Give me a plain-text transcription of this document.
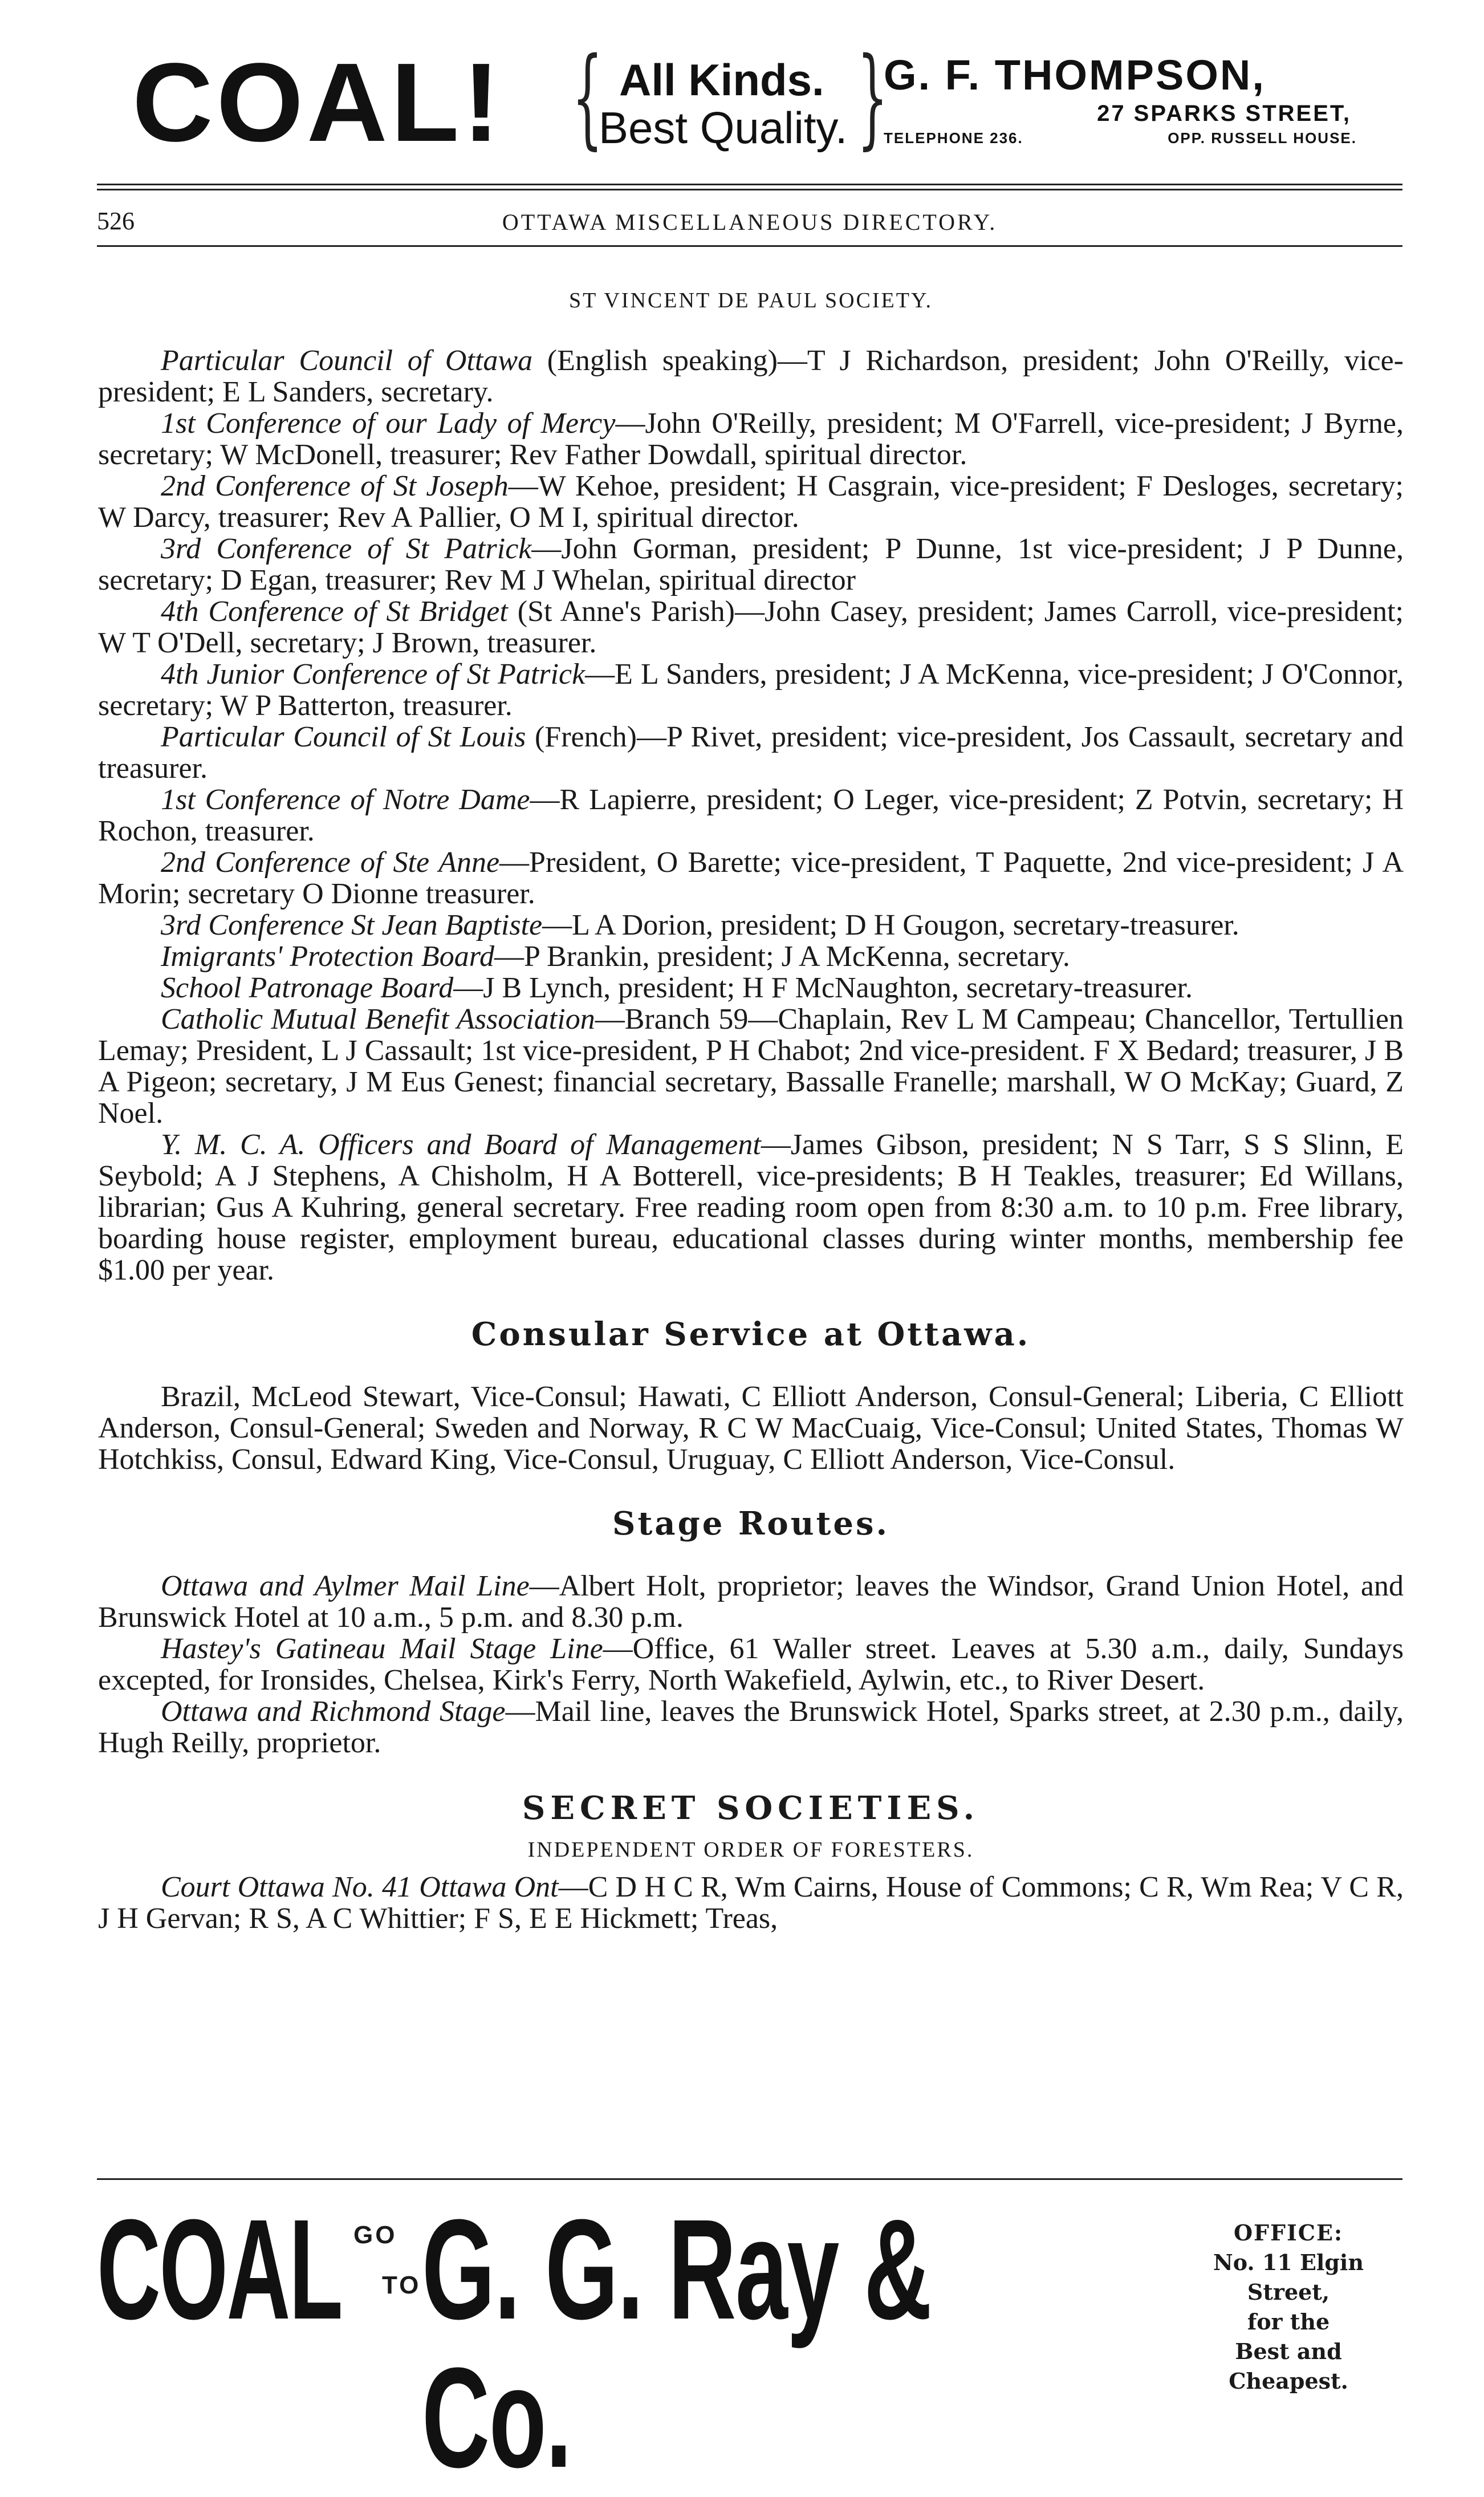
COAL! { All Kinds.
Best Quality. }
G. F. THOMPSON,
27 SPARKS STREET,
TELEPHONE 236.	OPP. RUSSELL HOUSE.
526	OTTAWA MISCELLANEOUS DIRECTORY.
ST VINCENT DE PAUL SOCIETY.

Particular Council of Ottawa (English speaking)—T J Richardson, president; John O'Reilly, vice-president; E L Sanders, secretary.

1st Conference of our Lady of Mercy—John O'Reilly, president; M O'Farrell, vice-president; J Byrne, secretary; W McDonell, treasurer; Rev Father Dowdall, spiritual director.

2nd Conference of St Joseph—W Kehoe, president; H Casgrain, vice-president; F Desloges, secretary; W Darcy, treasurer; Rev A Pallier, O M I, spiritual director.

3rd Conference of St Patrick—John Gorman, president; P Dunne, 1st vice-president; J P Dunne, secretary; D Egan, treasurer; Rev M J Whelan, spiritual director

4th Conference of St Bridget (St Anne's Parish)—John Casey, president; James Carroll, vice-president; W T O'Dell, secretary; J Brown, treasurer.

4th Junior Conference of St Patrick—E L Sanders, president; J A McKenna, vice-president; J O'Connor, secretary; W P Batterton, treasurer.

Particular Council of St Louis (French)—P Rivet, president; vice-president, Jos Cassault, secretary and treasurer.

1st Conference of Notre Dame—R Lapierre, president; O Leger, vice-president; Z Potvin, secretary; H Rochon, treasurer.

2nd Conference of Ste Anne—President, O Barette; vice-president, T Paquette, 2nd vice-president; J A Morin; secretary O Dionne treasurer.

3rd Conference St Jean Baptiste—L A Dorion, president; D H Gougon, secretary-treasurer.

Imigrants' Protection Board—P Brankin, president; J A McKenna, secretary.

School Patronage Board—J B Lynch, president; H F McNaughton, secretary-treasurer.

Catholic Mutual Benefit Association—Branch 59—Chaplain, Rev L M Campeau; Chancellor, Tertullien Lemay; President, L J Cassault; 1st vice-president, P H Chabot; 2nd vice-president. F X Bedard; treasurer, J B A Pigeon; secretary, J M Eus Genest; financial secretary, Bassalle Franelle; marshall, W O McKay; Guard, Z Noel.

Y. M. C. A. Officers and Board of Management—James Gibson, president; N S Tarr, S S Slinn, E Seybold; A J Stephens, A Chisholm, H A Botterell, vice-presidents; B H Teakles, treasurer; Ed Willans, librarian; Gus A Kuhring, general secretary. Free reading room open from 8:30 a.m. to 10 p.m. Free library, boarding house register, employment bureau, educational classes during winter months, membership fee $1.00 per year.

Consular Service at Ottawa.

Brazil, McLeod Stewart, Vice-Consul; Hawati, C Elliott Anderson, Consul-General; Liberia, C Elliott Anderson, Consul-General; Sweden and Norway, R C W MacCuaig, Vice-Consul; United States, Thomas W Hotchkiss, Consul, Edward King, Vice-Consul, Uruguay, C Elliott Anderson, Vice-Consul.

Stage Routes.

Ottawa and Aylmer Mail Line—Albert Holt, proprietor; leaves the Windsor, Grand Union Hotel, and Brunswick Hotel at 10 a.m., 5 p.m. and 8.30 p.m.

Hastey's Gatineau Mail Stage Line—Office, 61 Waller street. Leaves at 5.30 a.m., daily, Sundays excepted, for Ironsides, Chelsea, Kirk's Ferry, North Wakefield, Aylwin, etc., to River Desert.

Ottawa and Richmond Stage—Mail line, leaves the Brunswick Hotel, Sparks street, at 2.30 p.m., daily, Hugh Reilly, proprietor.

SECRET SOCIETIES.
INDEPENDENT ORDER OF FORESTERS.

Court Ottawa No. 41 Ottawa Ont—C D H C R, Wm Cairns, House of Commons; C R, Wm Rea; V C R, J H Gervan; R S, A C Whittier; F S, E E Hickmett; Treas,

COAL GO
TO G. G. Ray & Co.
OFFICE:
No. 11 Elgin Street,
for the
Best and Cheapest.
